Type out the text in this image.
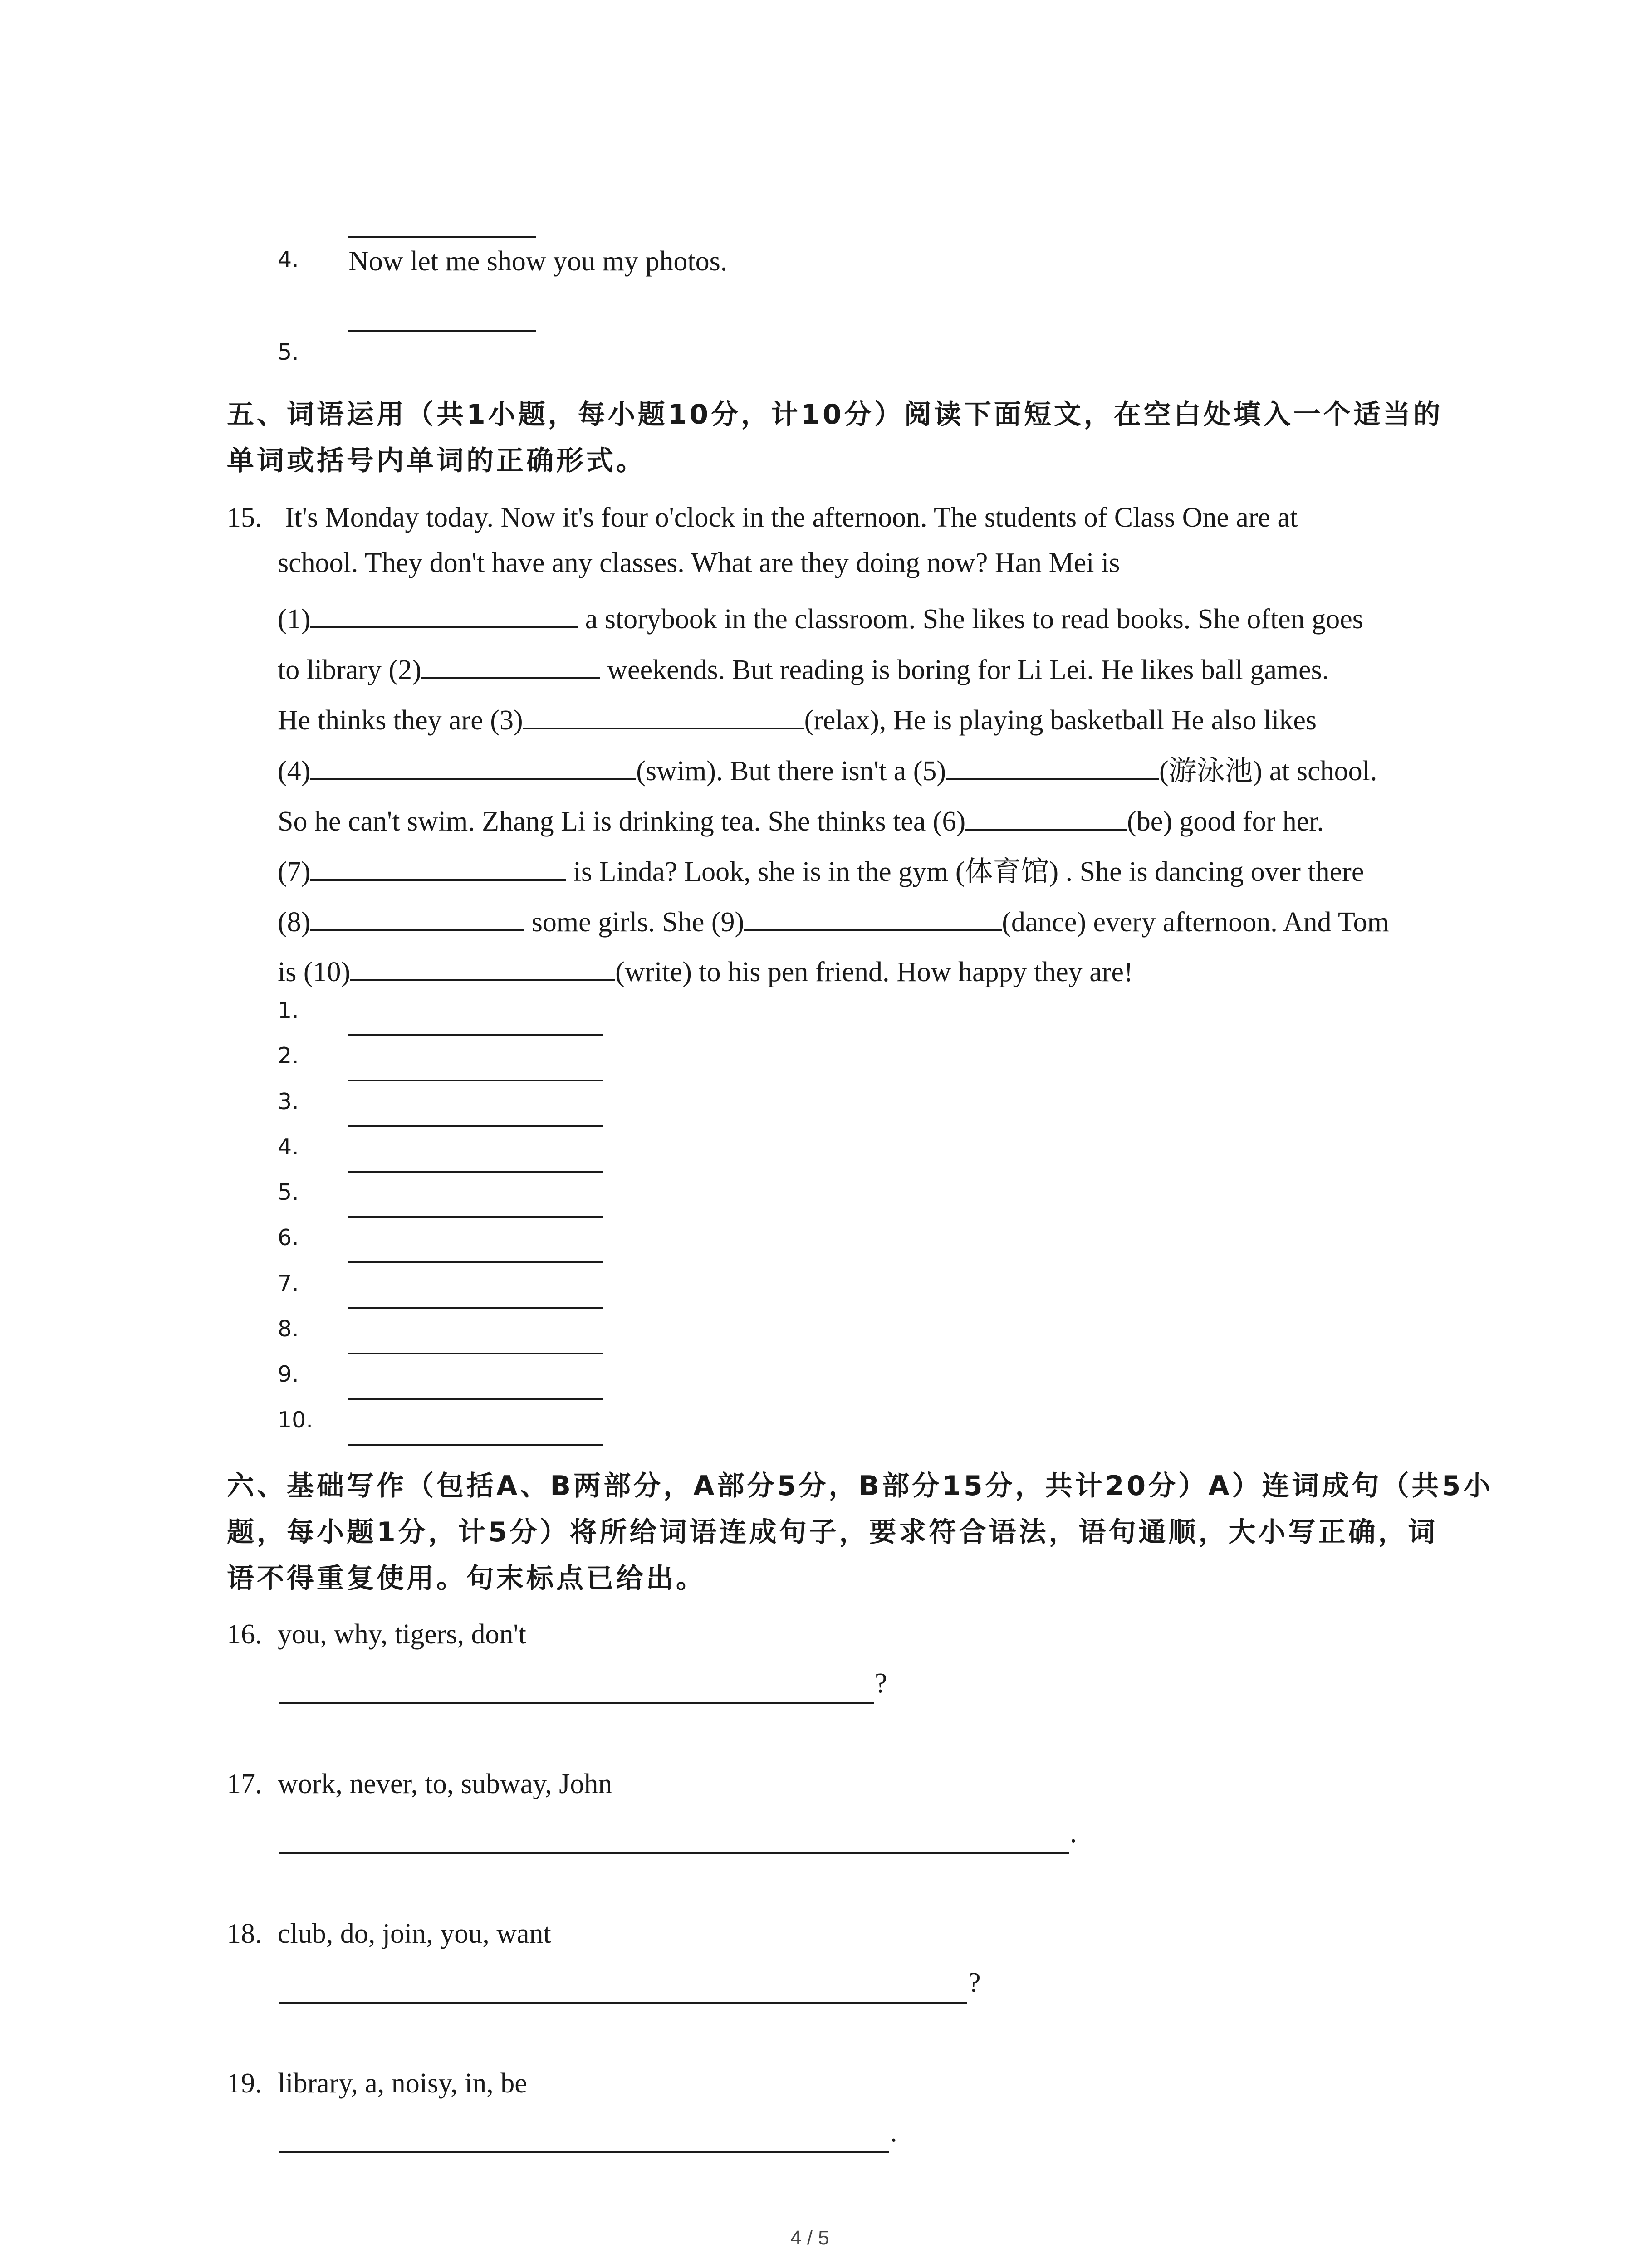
4. Now let me show you my photos.
5.
五、词语运用（共1小题，每小题10分，计10分）阅读下面短文，在空白处填入一个适当的
单词或括号内单词的正确形式。
15. It's Monday today. Now it's four o'clock in the afternoon. The students of Class One are at
school. They don't have any classes. What are they doing now? Han Mei is
(1)	a storybook in the classroom. She likes to read books. She often goes
to library (2)	weekends. But reading is boring for Li Lei. He likes ball games.
He thinks they are (3)	(relax), He is playing basketball He also likes
(4)	(swim). But there isn't a (5)	(游泳池) at school.
So he can't swim. Zhang Li is drinking tea. She thinks tea (6)	(be) good for her.
(7)	is Linda? Look, she is in the gym (体育馆) . She is dancing over there
(8)	some girls. She (9)	(dance) every afternoon. And Tom
is (10)	(write) to his pen friend. How happy they are!
1.
2.
3.
4.
5.
6.
7.
8.
9.
10.
六、基础写作（包括A、B两部分，A部分5分，B部分15分，共计20分）A）连词成句（共5小
题，每小题1分，计5分）将所给词语连成句子，要求符合语法，语句通顺，大小写正确，词
语不得重复使用。句末标点已给出。
16. you, why, tigers, don't
?
17. work, never, to, subway, John
.
18. club, do, join, you, want
?
19. library, a, noisy, in, be
.
4 / 5
